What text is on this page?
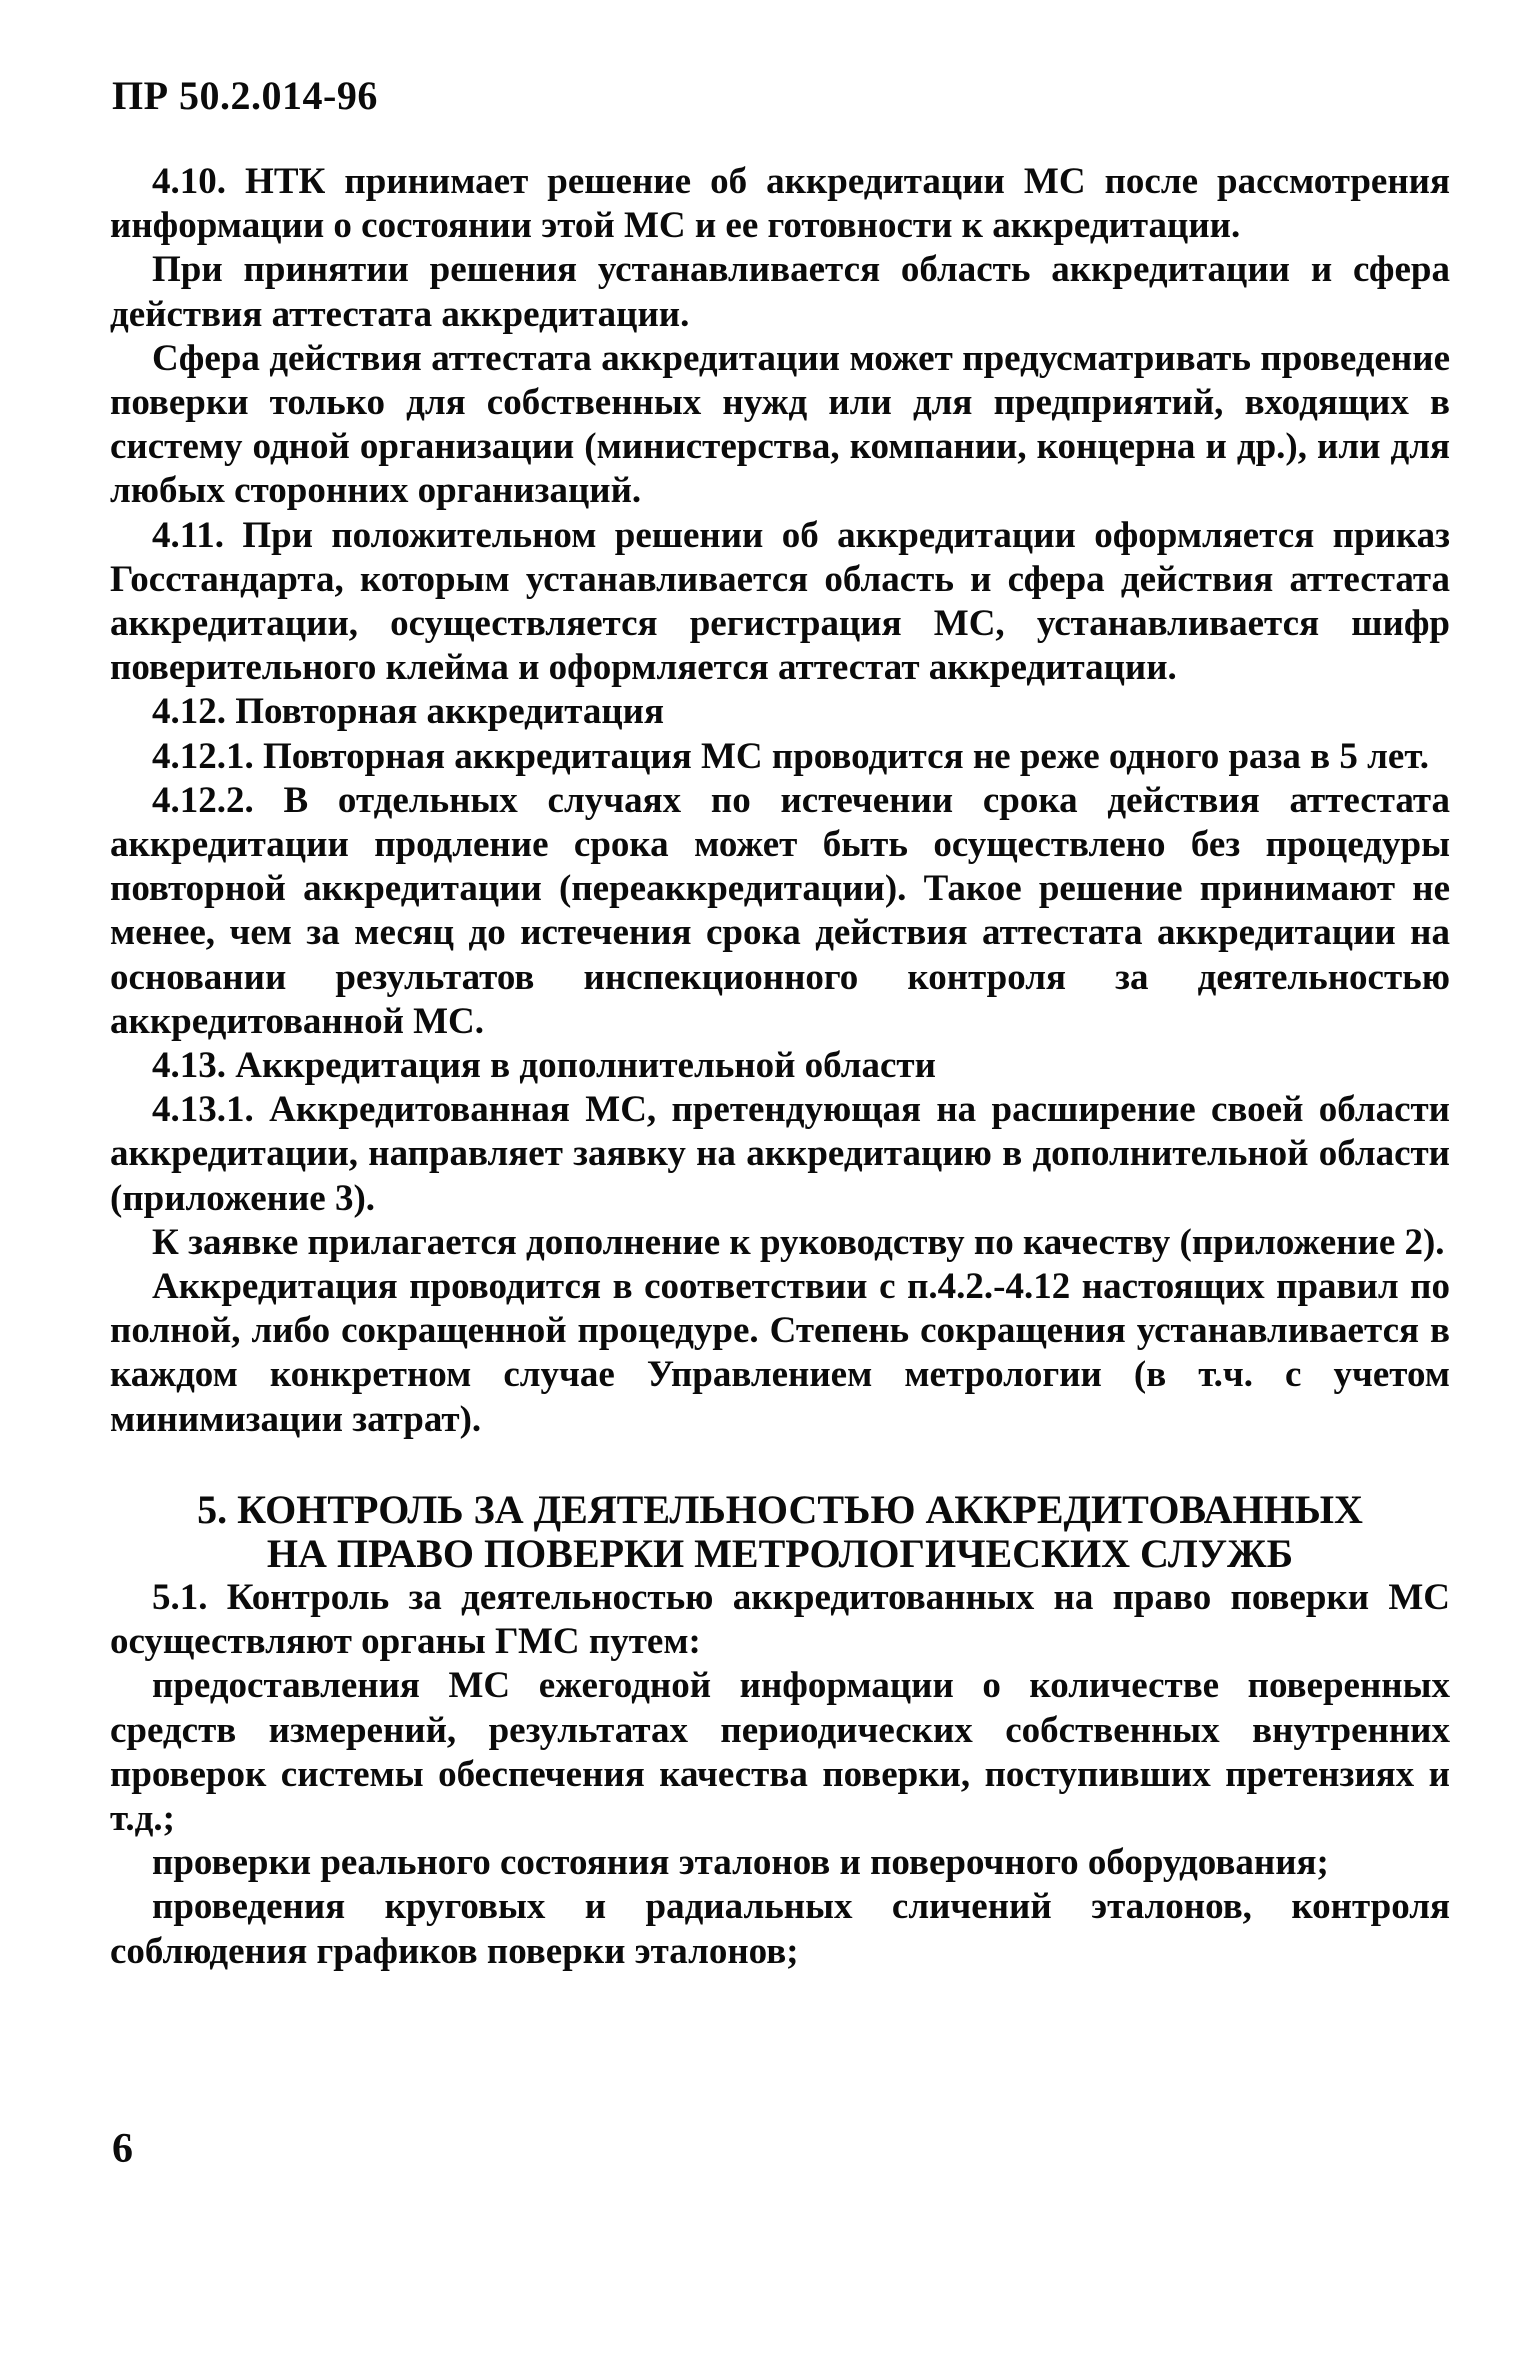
ПР 50.2.014-96

4.10. НТК принимает решение об аккредитации МС после рассмотрения информации о состоянии этой МС и ее готовности к аккредитации.

При принятии решения устанавливается область аккредитации и сфера действия аттестата аккредитации.

Сфера действия аттестата аккредитации может предусматривать проведение поверки только для собственных нужд или для предприятий, входящих в систему одной организации (министерства, компании, концерна и др.), или для любых сторонних организаций.

4.11. При положительном решении об аккредитации оформляется приказ Госстандарта, которым устанавливается область и сфера действия аттестата аккредитации, осуществляется регистрация МС, устанавливается шифр поверительного клейма и оформляется аттестат аккредитации.

4.12. Повторная аккредитация

4.12.1. Повторная аккредитация МС проводится не реже одного раза в 5 лет.

4.12.2. В отдельных случаях по истечении срока действия аттестата аккредитации продление срока может быть осуществлено без процедуры повторной аккредитации (переаккредитации). Такое решение принимают не менее, чем за месяц до истечения срока действия аттестата аккредитации на основании результатов инспекционного контроля за деятельностью аккредитованной МС.

4.13. Аккредитация в дополнительной области

4.13.1. Аккредитованная МС, претендующая на расширение своей области аккредитации, направляет заявку на аккредитацию в дополнительной области (приложение 3).

К заявке прилагается дополнение к руководству по качеству (приложение 2).

Аккредитация проводится в соответствии с п.4.2.-4.12 настоящих правил по полной, либо сокращенной процедуре. Степень сокращения устанавливается в каждом конкретном случае Управлением метрологии (в т.ч. с учетом минимизации затрат).

5. КОНТРОЛЬ ЗА ДЕЯТЕЛЬНОСТЬЮ АККРЕДИТОВАННЫХ
НА ПРАВО ПОВЕРКИ МЕТРОЛОГИЧЕСКИХ СЛУЖБ

5.1. Контроль за деятельностью аккредитованных на право поверки МС осуществляют органы ГМС путем:

предоставления МС ежегодной информации о количестве поверенных средств измерений, результатах периодических собственных внутренних проверок системы обеспечения качества поверки, поступивших претензиях и т.д.;

проверки реального состояния эталонов и поверочного оборудования;

проведения круговых и радиальных сличений эталонов, контроля соблюдения графиков поверки эталонов;

6
